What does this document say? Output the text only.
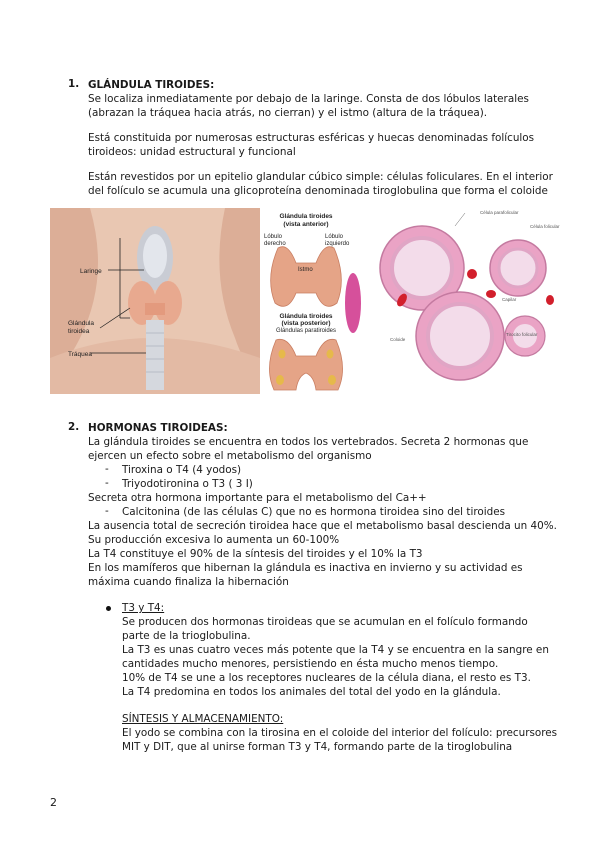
1. GLÁNDULA TIROIDES:
Se localiza inmediatamente por debajo de la laringe. Consta de dos lóbulos laterales
(abrazan la tráquea hacia atrás, no cierran) y el istmo (altura de la tráquea).
Está constituida por numerosas estructuras esféricas y huecas denominadas folículos
tiroideos: unidad estructural y funcional
Están revestidos por un epitelio glandular cúbico simple: células foliculares. En el interior
del folículo se acumula una glicoproteína denominada tiroglobulina que forma el coloide
Laringe
Glándula
tiroidea
Tráquea
Glándula tiroides
(vista anterior)
Lóbulo
derecho
Lóbulo
izquierdo
Istmo
Glándula tiroides
(vista posterior)
Glándulas paratiroides
Célula parafolicular
Célula folicular
Coloide
Capilar
Tirocito folicular
2. HORMONAS TIROIDEAS:
La glándula tiroides se encuentra en todos los vertebrados. Secreta 2 hormonas que
ejercen un efecto sobre el metabolismo del organismo
- Tiroxina o T4 (4 yodos)
- Triyodotironina o T3 ( 3 I)
Secreta otra hormona importante para el metabolismo del Ca++
- Calcitonina (de las células C) que no es hormona tiroidea sino del tiroides
La ausencia total de secreción tiroidea hace que el metabolismo basal descienda un 40%.
Su producción excesiva lo aumenta un 60-100%
La T4 constituye el 90% de la síntesis del tiroides y el 10% la T3
En los mamíferos que hibernan la glándula es inactiva en invierno y su actividad es
máxima cuando finaliza la hibernación
T3 y T4:
Se producen dos hormonas tiroideas que se acumulan en el folículo formando
parte de la trioglobulina.
La T3 es unas cuatro veces más potente que la T4 y se encuentra en la sangre en
cantidades mucho menores, persistiendo en ésta mucho menos tiempo.
10% de T4 se une a los receptores nucleares de la célula diana, el resto es T3.
La T4 predomina en todos los animales del total del yodo en la glándula.
SÍNTESIS Y ALMACENAMIENTO:
El yodo se combina con la tirosina en el coloide del interior del folículo: precursores
MIT y DIT, que al unirse forman T3 y T4, formando parte de la tiroglobulina
2
